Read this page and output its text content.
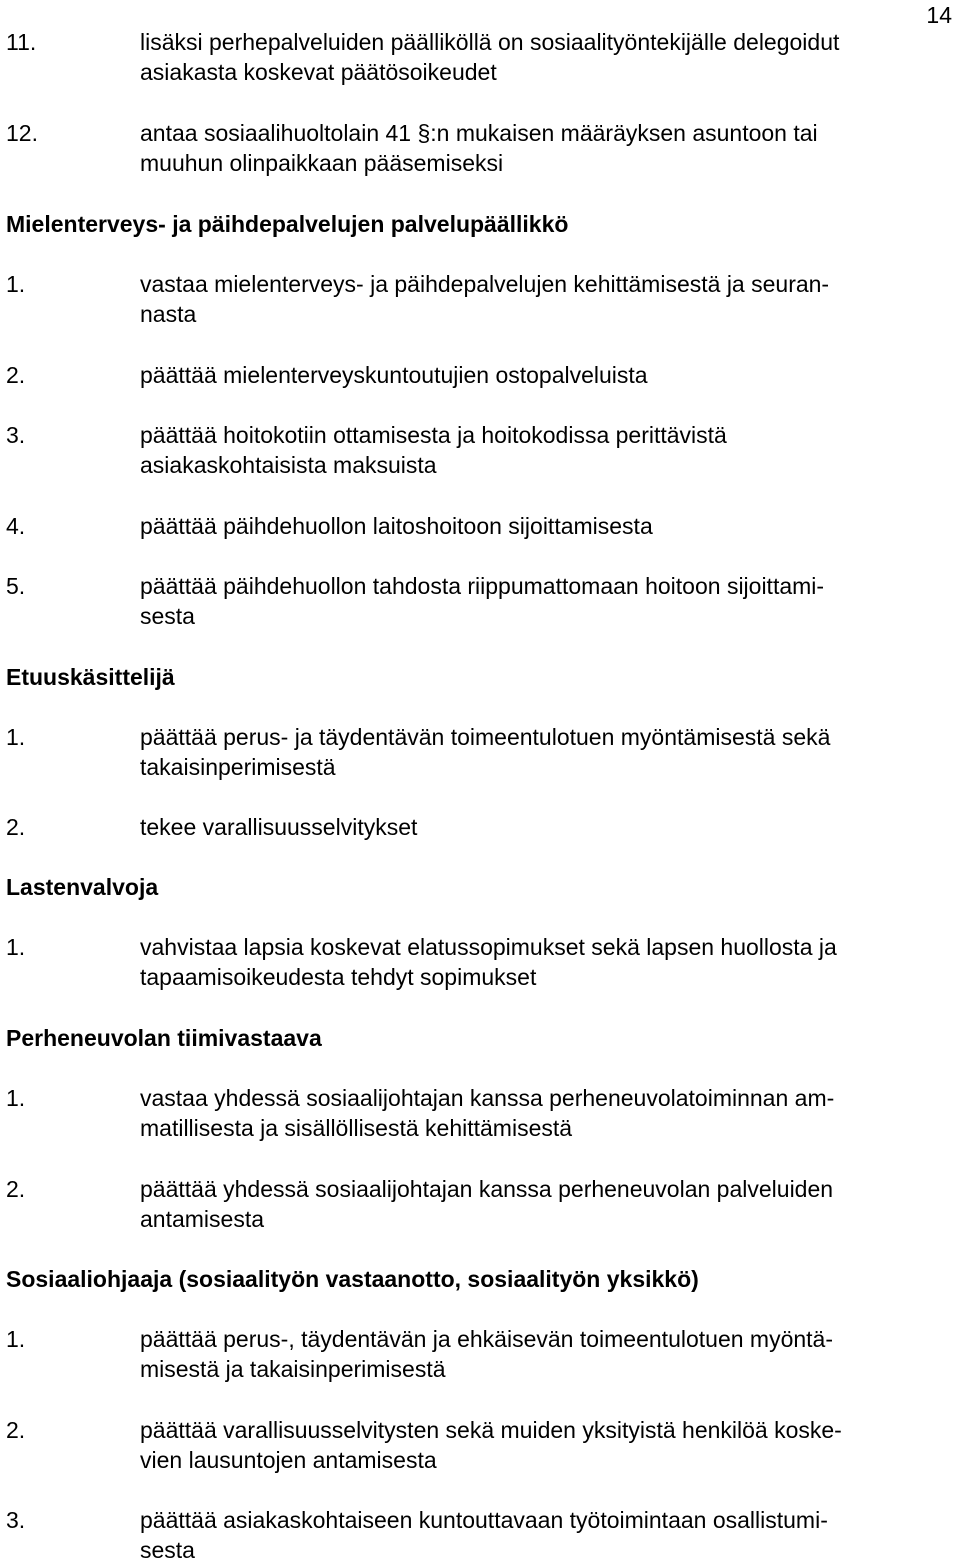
14
11.	lisäksi perhepalveluiden päälliköllä on sosiaalityöntekijälle delegoidut
asiakasta koskevat päätösoikeudet
12.	antaa sosiaalihuoltolain 41 §:n mukaisen määräyksen asuntoon tai
muuhun olinpaikkaan pääsemiseksi
Mielenterveys- ja päihdepalvelujen palvelupäällikkö
1.	vastaa mielenterveys- ja päihdepalvelujen kehittämisestä ja seuran-
nasta
2.	päättää mielenterveyskuntoutujien ostopalveluista
3.	päättää hoitokotiin ottamisesta ja hoitokodissa perittävistä
asiakaskohtaisista maksuista
4.	päättää päihdehuollon laitoshoitoon sijoittamisesta
5.	päättää päihdehuollon tahdosta riippumattomaan hoitoon sijoittami-
sesta
Etuuskäsittelijä
1.	päättää perus- ja täydentävän toimeentulotuen myöntämisestä sekä
takaisinperimisestä
2.	tekee varallisuusselvitykset
Lastenvalvoja
1.	vahvistaa lapsia koskevat elatussopimukset sekä lapsen huollosta ja
tapaamisoikeudesta tehdyt sopimukset
Perheneuvolan tiimivastaava
1.	vastaa yhdessä sosiaalijohtajan kanssa perheneuvolatoiminnan am-
matillisesta ja sisällöllisestä kehittämisestä
2.	päättää yhdessä sosiaalijohtajan kanssa perheneuvolan palveluiden
antamisesta
Sosiaaliohjaaja (sosiaalityön vastaanotto, sosiaalityön yksikkö)
1.	päättää perus-, täydentävän ja ehkäisevän toimeentulotuen myöntä-
misestä ja takaisinperimisestä
2.	päättää varallisuusselvitysten sekä muiden yksityistä henkilöä koske-
vien lausuntojen antamisesta
3.	päättää asiakaskohtaiseen kuntouttavaan työtoimintaan osallistumi-
sesta
